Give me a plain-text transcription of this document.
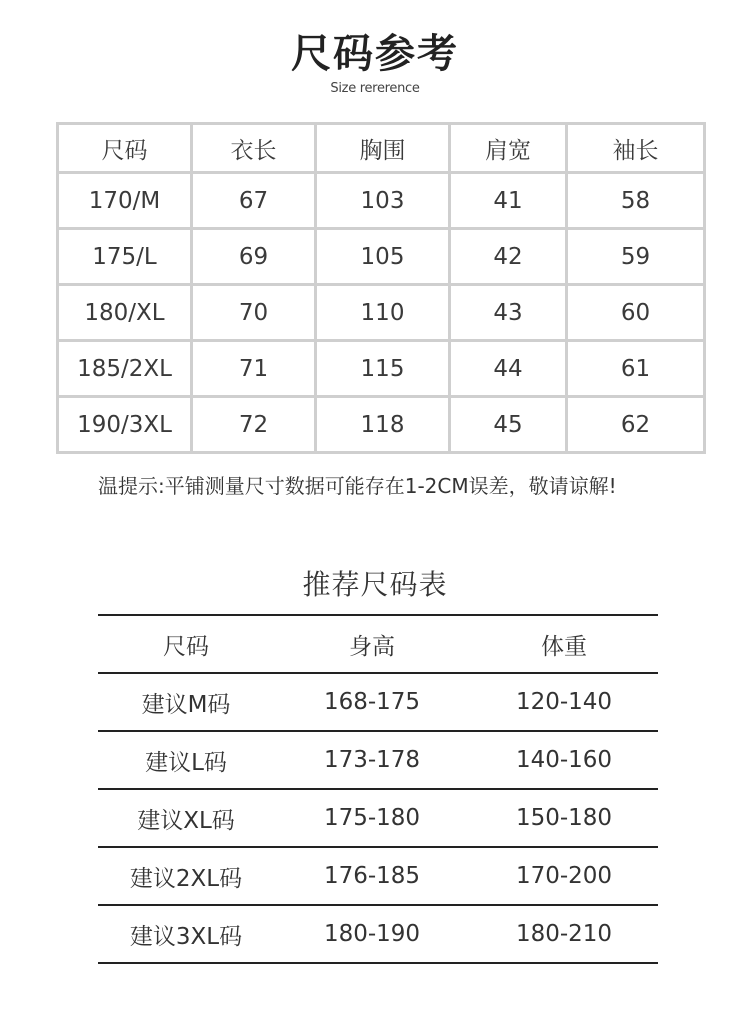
尺码参考
Size rererence
尺码	衣长	胸围	肩宽	袖长
170/M	67	103	41	58
175/L	69	105	42	59
180/XL	70	110	43	60
185/2XL	71	115	44	61
190/3XL	72	118	45	62
温提示:平铺测量尺寸数据可能存在1-2CM误差，敬请谅解!
推荐尺码表
尺码	身高	体重
建议M码	168-175	120-140
建议L码	173-178	140-160
建议XL码	175-180	150-180
建议2XL码	176-185	170-200
建议3XL码	180-190	180-210
